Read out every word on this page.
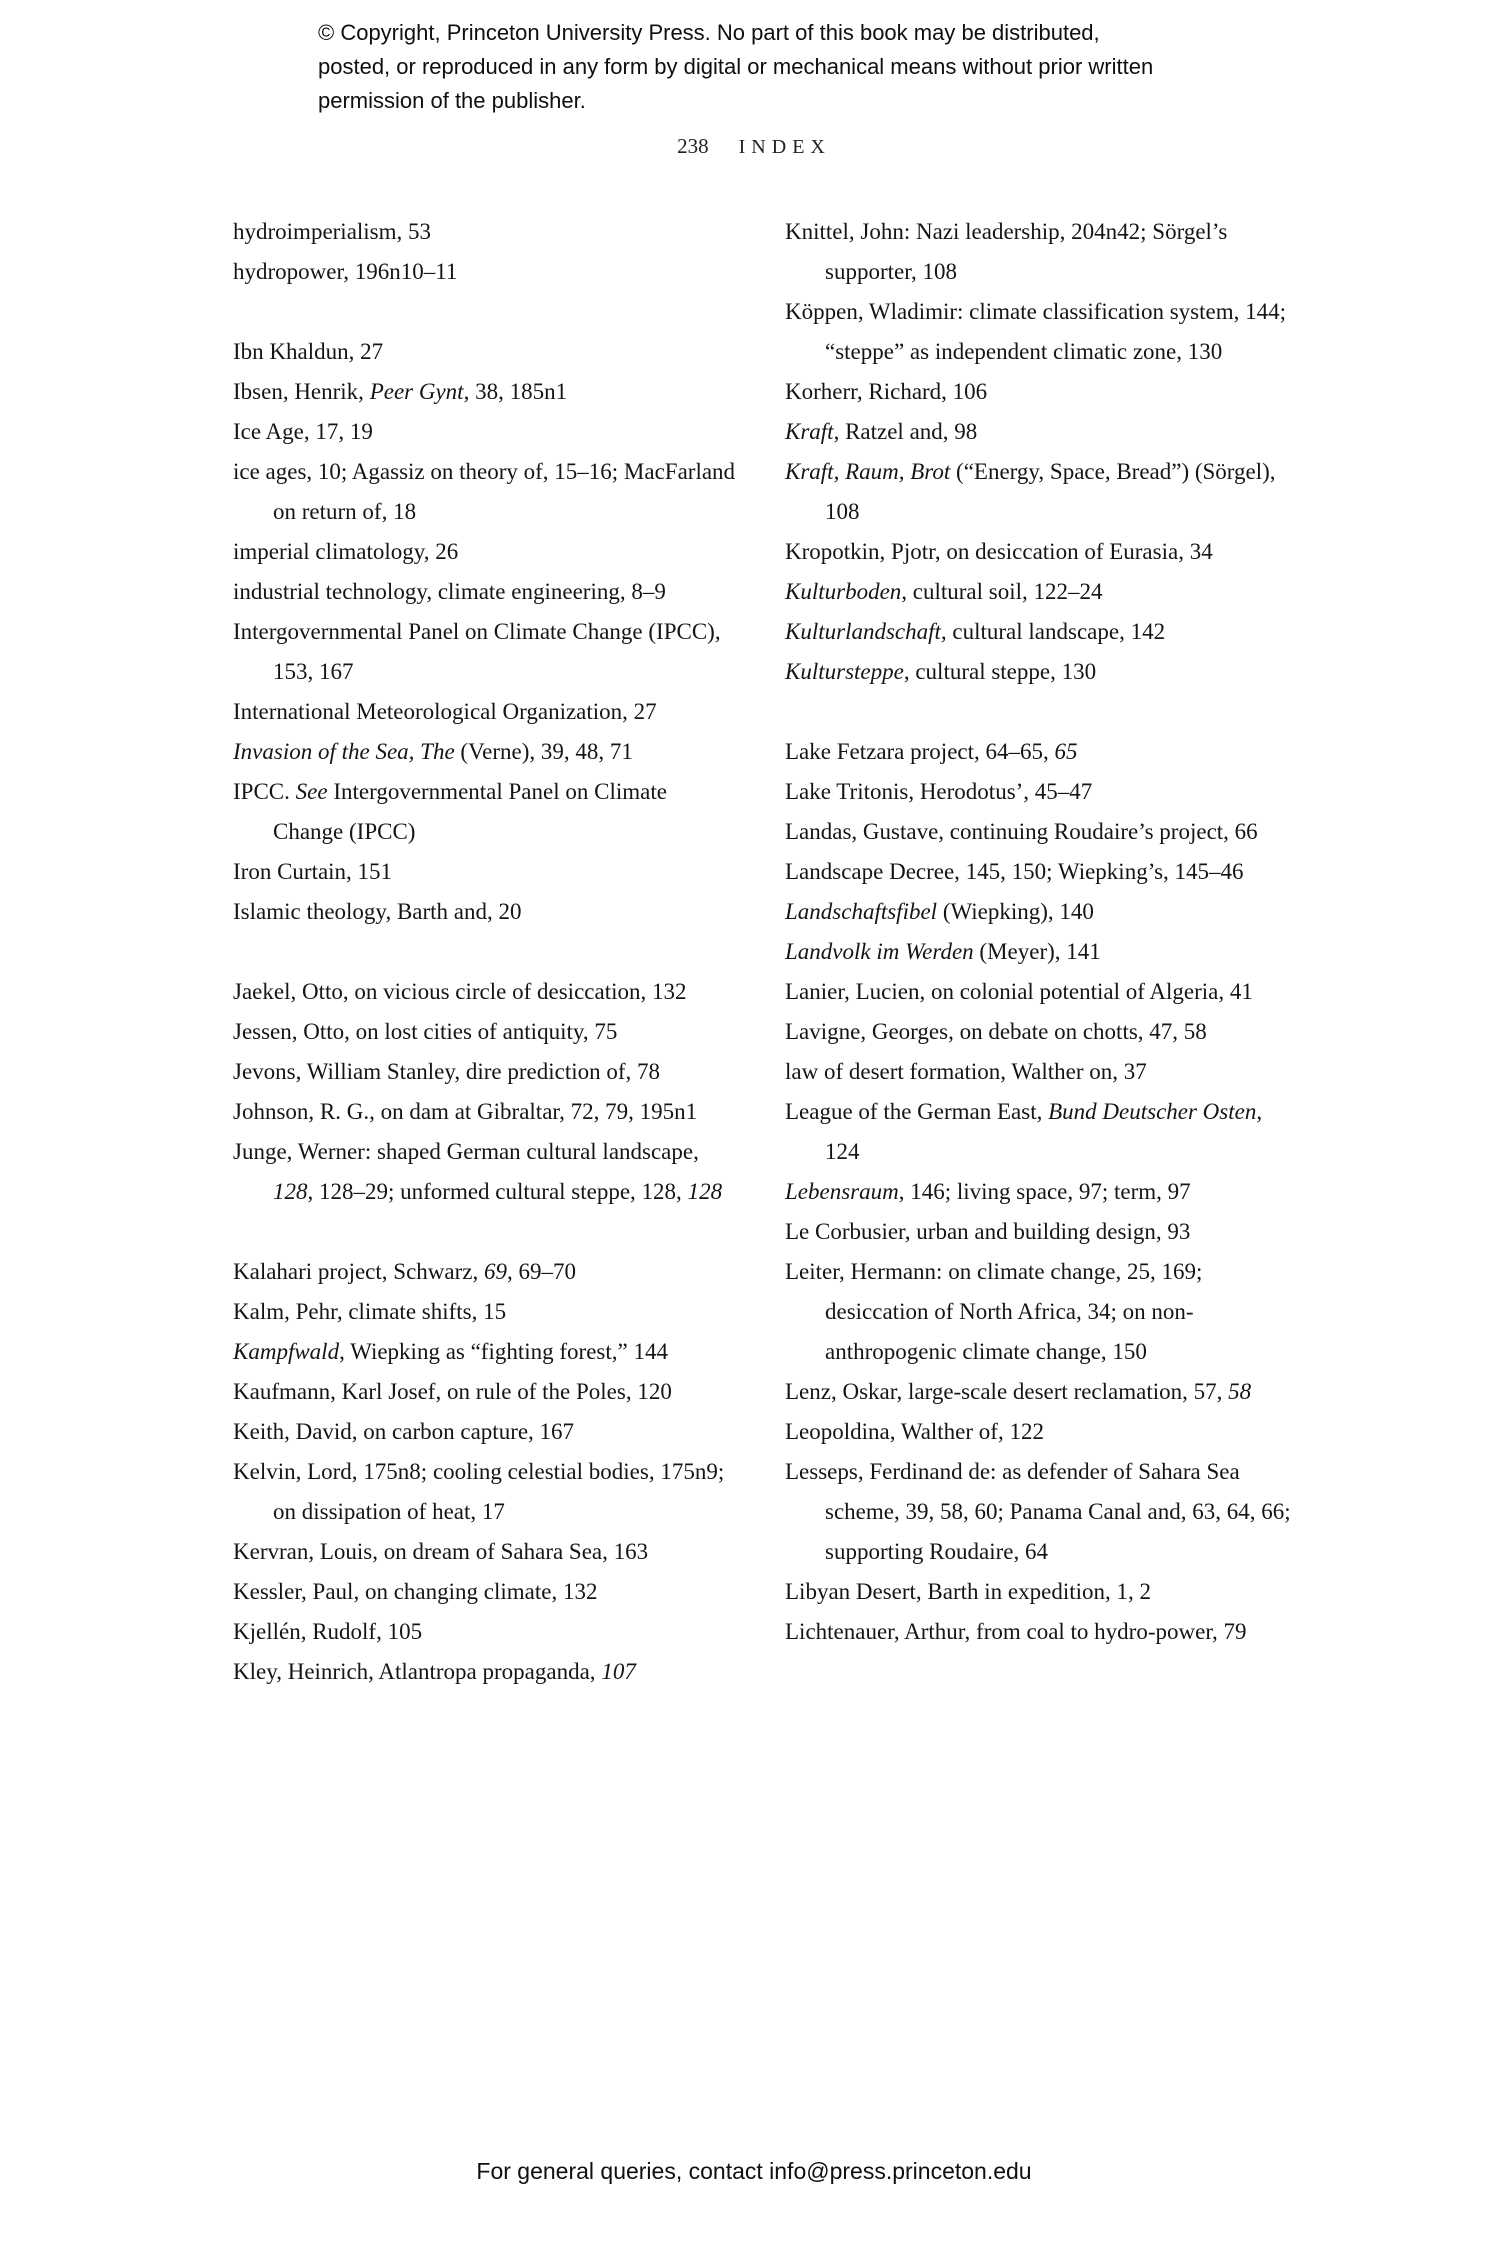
© Copyright, Princeton University Press. No part of this book may be distributed, posted, or reproduced in any form by digital or mechanical means without prior written permission of the publisher.
238 INDEX

hydroimperialism, 53

hydropower, 196n10–11

Ibn Khaldun, 27

Ibsen, Henrik, Peer Gynt, 38, 185n1

Ice Age, 17, 19

ice ages, 10; Agassiz on theory of, 15–16; MacFarland on return of, 18

imperial climatology, 26

industrial technology, climate engineering, 8–9

Intergovernmental Panel on Climate Change (IPCC), 153, 167

International Meteorological Organization, 27

Invasion of the Sea, The (Verne), 39, 48, 71

IPCC. See Intergovernmental Panel on Climate Change (IPCC)

Iron Curtain, 151

Islamic theology, Barth and, 20

Jaekel, Otto, on vicious circle of desiccation, 132

Jessen, Otto, on lost cities of antiquity, 75

Jevons, William Stanley, dire prediction of, 78

Johnson, R. G., on dam at Gibraltar, 72, 79, 195n1

Junge, Werner: shaped German cultural landscape, 128, 128–29; unformed cultural steppe, 128, 128

Kalahari project, Schwarz, 69, 69–70

Kalm, Pehr, climate shifts, 15

Kampfwald, Wiepking as “fighting forest,” 144

Kaufmann, Karl Josef, on rule of the Poles, 120

Keith, David, on carbon capture, 167

Kelvin, Lord, 175n8; cooling celestial bodies, 175n9; on dissipation of heat, 17

Kervran, Louis, on dream of Sahara Sea, 163

Kessler, Paul, on changing climate, 132

Kjellén, Rudolf, 105

Kley, Heinrich, Atlantropa propaganda, 107

Knittel, John: Nazi leadership, 204n42; Sörgel’s supporter, 108

Köppen, Wladimir: climate classification system, 144; “steppe” as independent climatic zone, 130

Korherr, Richard, 106

Kraft, Ratzel and, 98

Kraft, Raum, Brot (“Energy, Space, Bread”) (Sörgel), 108

Kropotkin, Pjotr, on desiccation of Eurasia, 34

Kulturboden, cultural soil, 122–24

Kulturlandschaft, cultural landscape, 142

Kultursteppe, cultural steppe, 130

Lake Fetzara project, 64–65, 65

Lake Tritonis, Herodotus’, 45–47

Landas, Gustave, continuing Roudaire’s project, 66

Landscape Decree, 145, 150; Wiepking’s, 145–46

Landschaftsfibel (Wiepking), 140

Landvolk im Werden (Meyer), 141

Lanier, Lucien, on colonial potential of Algeria, 41

Lavigne, Georges, on debate on chotts, 47, 58

law of desert formation, Walther on, 37

League of the German East, Bund Deutscher Osten, 124

Lebensraum, 146; living space, 97; term, 97

Le Corbusier, urban and building design, 93

Leiter, Hermann: on climate change, 25, 169; desiccation of North Africa, 34; on non-anthropogenic climate change, 150

Lenz, Oskar, large-scale desert reclamation, 57, 58

Leopoldina, Walther of, 122

Lesseps, Ferdinand de: as defender of Sahara Sea scheme, 39, 58, 60; Panama Canal and, 63, 64, 66; supporting Roudaire, 64

Libyan Desert, Barth in expedition, 1, 2

Lichtenauer, Arthur, from coal to hydro-power, 79

For general queries, contact info@press.princeton.edu
